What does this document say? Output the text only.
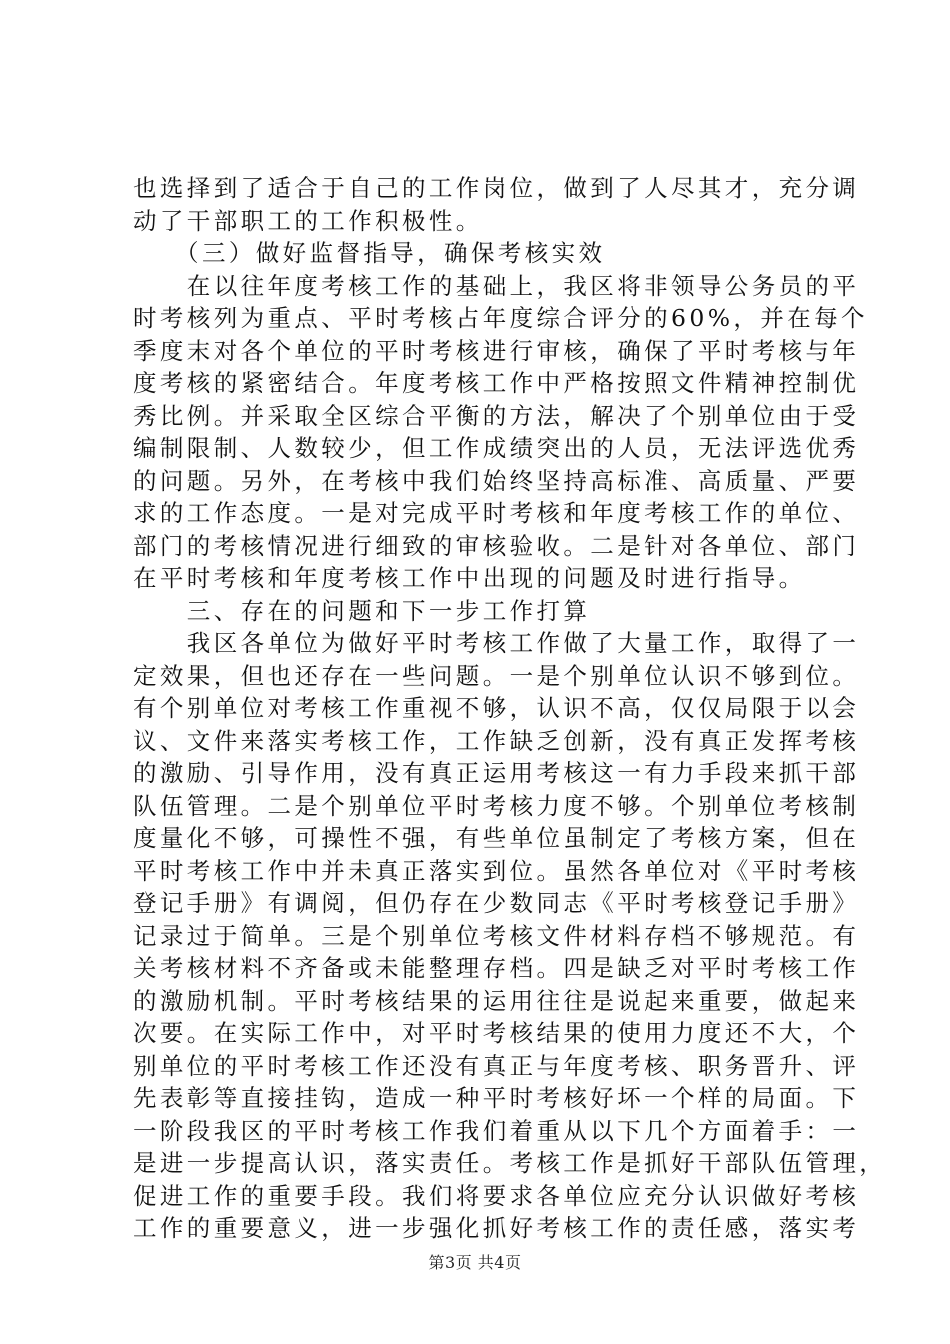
也选择到了适合于自己的工作岗位，做到了人尽其才，充分调
动了干部职工的工作积极性。
　　（三）做好监督指导，确保考核实效
　　在以往年度考核工作的基础上，我区将非领导公务员的平
时考核列为重点、平时考核占年度综合评分的60%，并在每个
季度末对各个单位的平时考核进行审核，确保了平时考核与年
度考核的紧密结合。年度考核工作中严格按照文件精神控制优
秀比例。并采取全区综合平衡的方法，解决了个别单位由于受
编制限制、人数较少，但工作成绩突出的人员，无法评选优秀
的问题。另外，在考核中我们始终坚持高标准、高质量、严要
求的工作态度。一是对完成平时考核和年度考核工作的单位、
部门的考核情况进行细致的审核验收。二是针对各单位、部门
在平时考核和年度考核工作中出现的问题及时进行指导。
　　三、存在的问题和下一步工作打算
　　我区各单位为做好平时考核工作做了大量工作，取得了一
定效果，但也还存在一些问题。一是个别单位认识不够到位。
有个别单位对考核工作重视不够，认识不高，仅仅局限于以会
议、文件来落实考核工作，工作缺乏创新，没有真正发挥考核
的激励、引导作用，没有真正运用考核这一有力手段来抓干部
队伍管理。二是个别单位平时考核力度不够。个别单位考核制
度量化不够，可操性不强，有些单位虽制定了考核方案，但在
平时考核工作中并未真正落实到位。虽然各单位对《平时考核
登记手册》有调阅，但仍存在少数同志《平时考核登记手册》
记录过于简单。三是个别单位考核文件材料存档不够规范。有
关考核材料不齐备或未能整理存档。四是缺乏对平时考核工作
的激励机制。平时考核结果的运用往往是说起来重要，做起来
次要。在实际工作中，对平时考核结果的使用力度还不大，个
别单位的平时考核工作还没有真正与年度考核、职务晋升、评
先表彰等直接挂钩，造成一种平时考核好坏一个样的局面。下
一阶段我区的平时考核工作我们着重从以下几个方面着手：一
是进一步提高认识，落实责任。考核工作是抓好干部队伍管理，
促进工作的重要手段。我们将要求各单位应充分认识做好考核
工作的重要意义，进一步强化抓好考核工作的责任感，落实考
第3页 共4页
